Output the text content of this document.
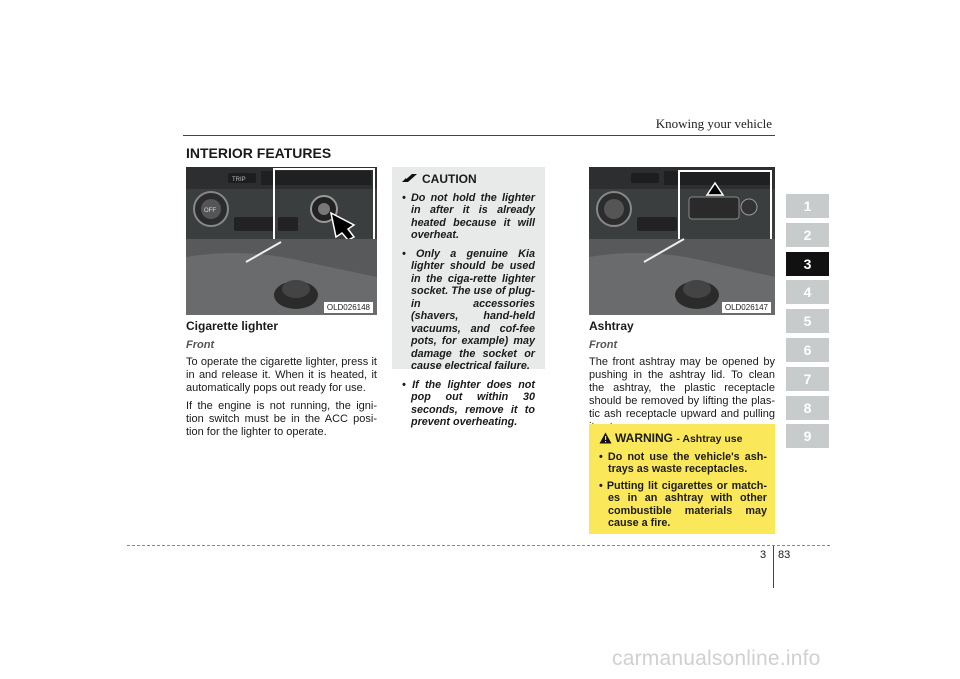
Knowing your vehicle
INTERIOR FEATURES
TRIP
OFF
OLD026148
Cigarette lighter
Front

To operate the cigarette lighter, press it in and release it. When it is heated, it automatically pops out ready for use.

If the engine is not running, the igni-tion switch must be in the ACC posi-tion for the lighter to operate.

CAUTION
• Do not hold the lighter in after it is already heated because it will overheat.
• Only a genuine Kia lighter should be used in the ciga-rette lighter socket. The use of plug-in accessories (shavers, hand-held vacuums, and cof-fee pots, for example) may damage the socket or cause electrical failure.
• If the lighter does not pop out within 30 seconds, remove it to prevent overheating.
OLD026147
Ashtray
Front

The front ashtray may be opened by pushing in the ashtray lid. To clean the ashtray, the plastic receptacle should be removed by lifting the plas-tic ash receptacle upward and pulling

WARNING - Ashtray use
• Do not use the vehicle's ash-trays as waste receptacles.
• Putting lit cigarettes or match-es in an ashtray with other combustible materials may cause a fire.
1
2
3
4
5
6
7
8
9
3 83
carmanualsonline.info
